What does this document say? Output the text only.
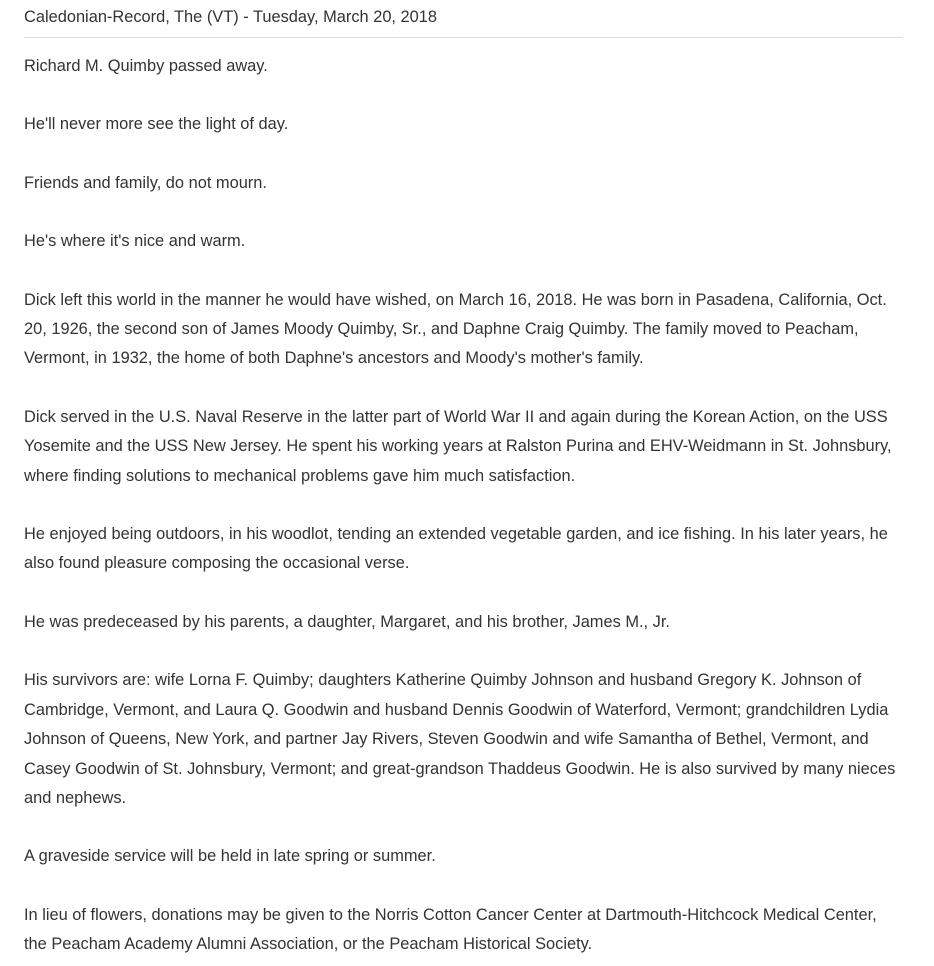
Caledonian-Record, The (VT) - Tuesday, March 20, 2018

Richard M. Quimby passed away.

He'll never more see the light of day.

Friends and family, do not mourn.

He's where it's nice and warm.

Dick left this world in the manner he would have wished, on March 16, 2018. He was born in Pasadena, California, Oct. 20, 1926, the second son of James Moody Quimby, Sr., and Daphne Craig Quimby. The family moved to Peacham, Vermont, in 1932, the home of both Daphne's ancestors and Moody's mother's family.

Dick served in the U.S. Naval Reserve in the latter part of World War II and again during the Korean Action, on the USS Yosemite and the USS New Jersey. He spent his working years at Ralston Purina and EHV-Weidmann in St. Johnsbury, where finding solutions to mechanical problems gave him much satisfaction.

He enjoyed being outdoors, in his woodlot, tending an extended vegetable garden, and ice fishing. In his later years, he also found pleasure composing the occasional verse.

He was predeceased by his parents, a daughter, Margaret, and his brother, James M., Jr.

His survivors are: wife Lorna F. Quimby; daughters Katherine Quimby Johnson and husband Gregory K. Johnson of Cambridge, Vermont, and Laura Q. Goodwin and husband Dennis Goodwin of Waterford, Vermont; grandchildren Lydia Johnson of Queens, New York, and partner Jay Rivers, Steven Goodwin and wife Samantha of Bethel, Vermont, and Casey Goodwin of St. Johnsbury, Vermont; and great-grandson Thaddeus Goodwin. He is also survived by many nieces and nephews.

A graveside service will be held in late spring or summer.

In lieu of flowers, donations may be given to the Norris Cotton Cancer Center at Dartmouth-Hitchcock Medical Center, the Peacham Academy Alumni Association, or the Peacham Historical Society.
